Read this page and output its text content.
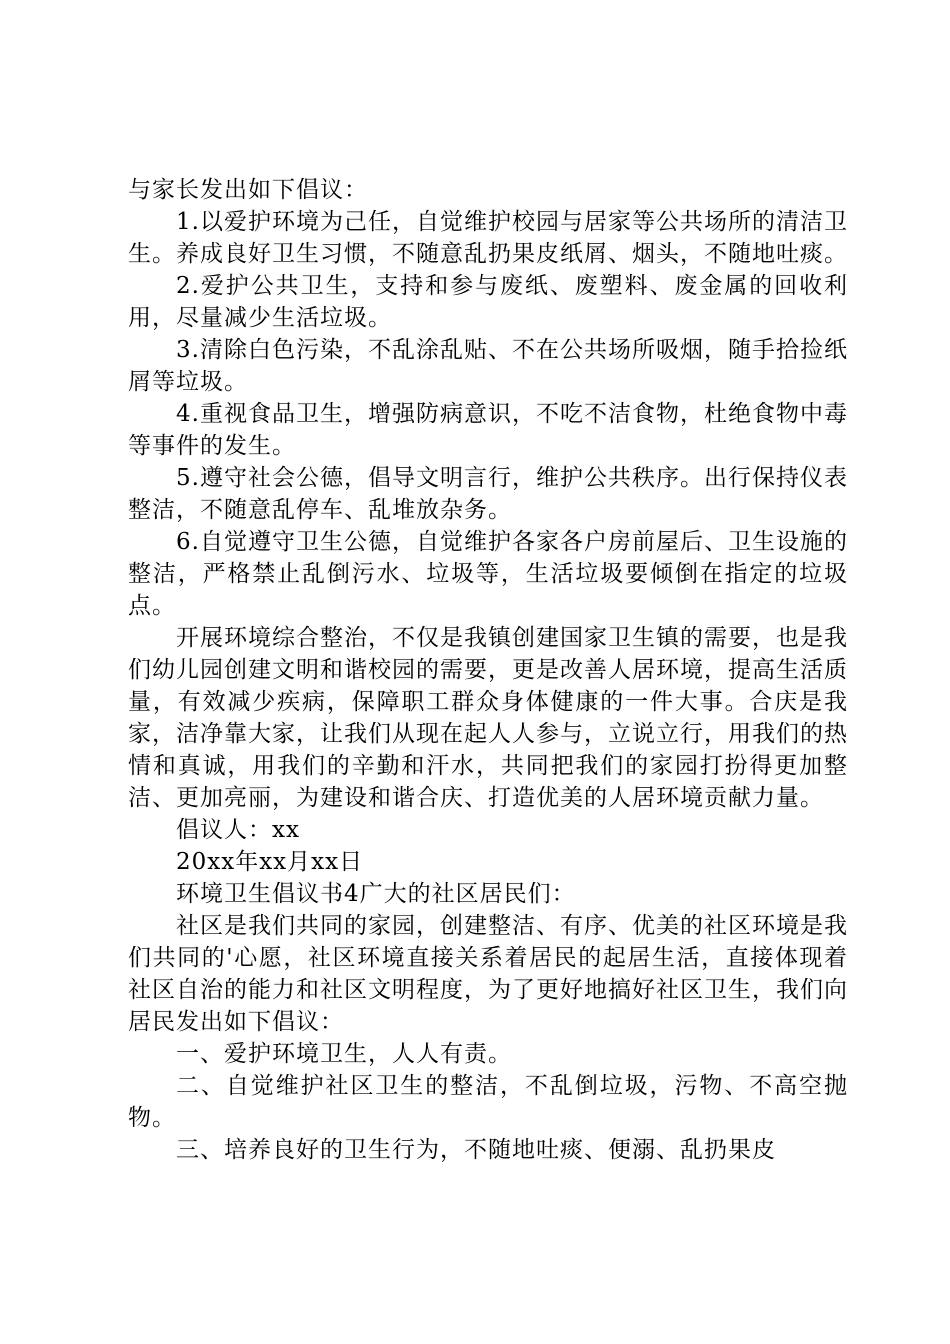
与家长发出如下倡议：

1.以爱护环境为己任，自觉维护校园与居家等公共场所的清洁卫生。养成良好卫生习惯，不随意乱扔果皮纸屑、烟头，不随地吐痰。

2.爱护公共卫生，支持和参与废纸、废塑料、废金属的回收利用，尽量减少生活垃圾。

3.清除白色污染，不乱涂乱贴、不在公共场所吸烟，随手拾捡纸屑等垃圾。

4.重视食品卫生，增强防病意识，不吃不洁食物，杜绝食物中毒等事件的发生。

5.遵守社会公德，倡导文明言行，维护公共秩序。出行保持仪表整洁，不随意乱停车、乱堆放杂务。

6.自觉遵守卫生公德，自觉维护各家各户房前屋后、卫生设施的整洁，严格禁止乱倒污水、垃圾等，生活垃圾要倾倒在指定的垃圾点。

开展环境综合整治，不仅是我镇创建国家卫生镇的需要，也是我们幼儿园创建文明和谐校园的需要，更是改善人居环境，提高生活质量，有效减少疾病，保障职工群众身体健康的一件大事。合庆是我家，洁净靠大家，让我们从现在起人人参与，立说立行，用我们的热情和真诚，用我们的辛勤和汗水，共同把我们的家园打扮得更加整洁、更加亮丽，为建设和谐合庆、打造优美的人居环境贡献力量。

倡议人：xx

20xx年xx月xx日

环境卫生倡议书4广大的社区居民们：

社区是我们共同的家园，创建整洁、有序、优美的社区环境是我们共同的'心愿，社区环境直接关系着居民的起居生活，直接体现着社区自治的能力和社区文明程度，为了更好地搞好社区卫生，我们向居民发出如下倡议：

一、爱护环境卫生，人人有责。

二、自觉维护社区卫生的整洁，不乱倒垃圾，污物、不高空抛物。

三、培养良好的卫生行为，不随地吐痰、便溺、乱扔果皮
